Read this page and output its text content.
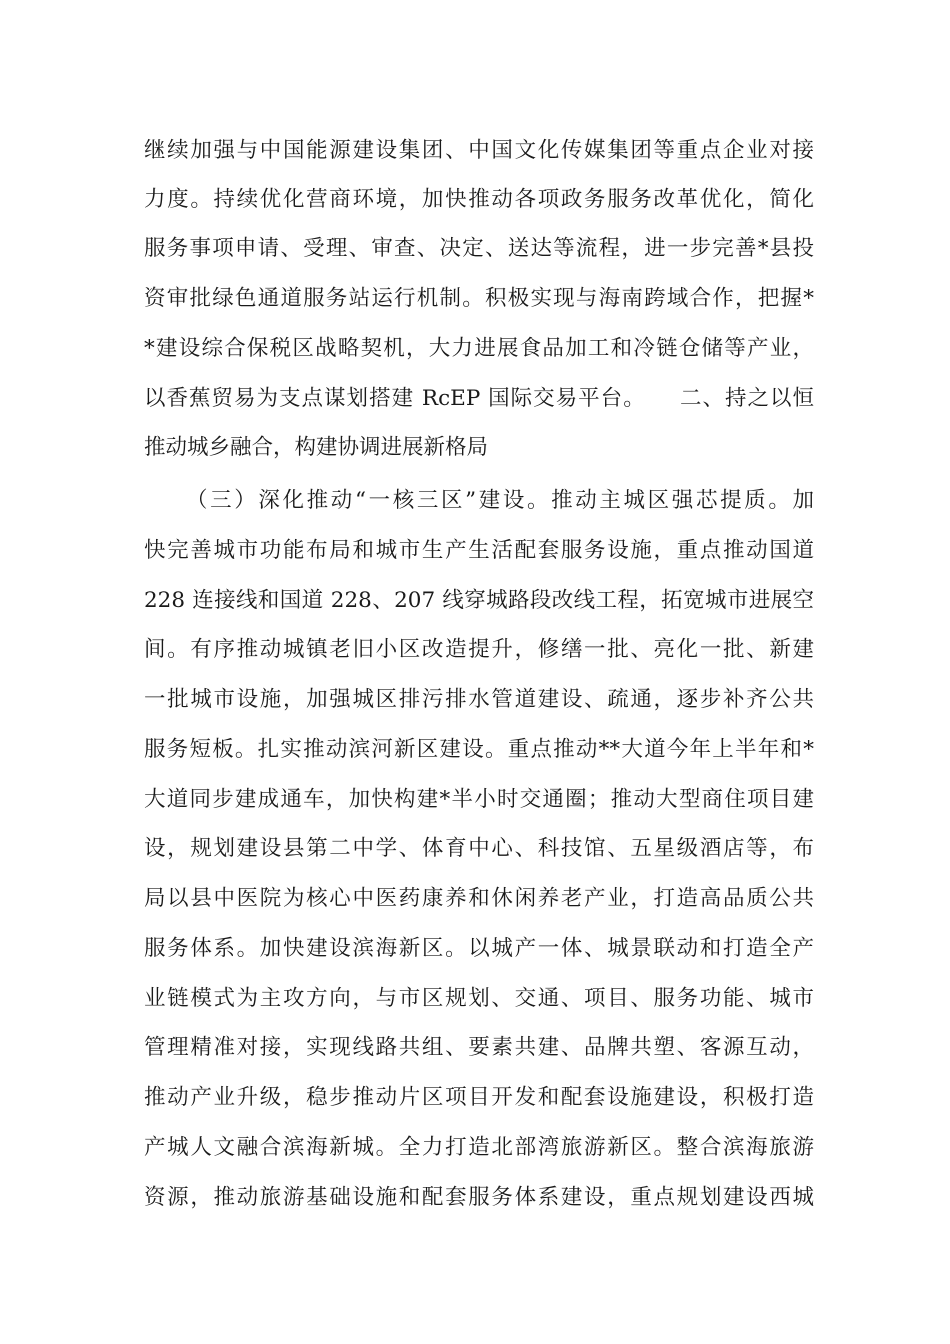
继续加强与中国能源建设集团、中国文化传媒集团等重点企业对接
力度。持续优化营商环境，加快推动各项政务服务改革优化，简化
服务事项申请、受理、审查、决定、送达等流程，进一步完善*县投
资审批绿色通道服务站运行机制。积极实现与海南跨域合作，把握*
*建设综合保税区战略契机，大力进展食品加工和冷链仓储等产业，
以香蕉贸易为支点谋划搭建 RcEP 国际交易平台。　　二、持之以恒
推动城乡融合，构建协调进展新格局
（三）深化推动“一核三区”建设。推动主城区强芯提质。加
快完善城市功能布局和城市生产生活配套服务设施，重点推动国道
228 连接线和国道 228、207 线穿城路段改线工程，拓宽城市进展空
间。有序推动城镇老旧小区改造提升，修缮一批、亮化一批、新建
一批城市设施，加强城区排污排水管道建设、疏通，逐步补齐公共
服务短板。扎实推动滨河新区建设。重点推动**大道今年上半年和*
大道同步建成通车，加快构建*半小时交通圈；推动大型商住项目建
设，规划建设县第二中学、体育中心、科技馆、五星级酒店等，布
局以县中医院为核心中医药康养和休闲养老产业，打造高品质公共
服务体系。加快建设滨海新区。以城产一体、城景联动和打造全产
业链模式为主攻方向，与市区规划、交通、项目、服务功能、城市
管理精准对接，实现线路共组、要素共建、品牌共塑、客源互动，
推动产业升级，稳步推动片区项目开发和配套设施建设，积极打造
产城人文融合滨海新城。全力打造北部湾旅游新区。整合滨海旅游
资源，推动旅游基础设施和配套服务体系建设，重点规划建设西城
